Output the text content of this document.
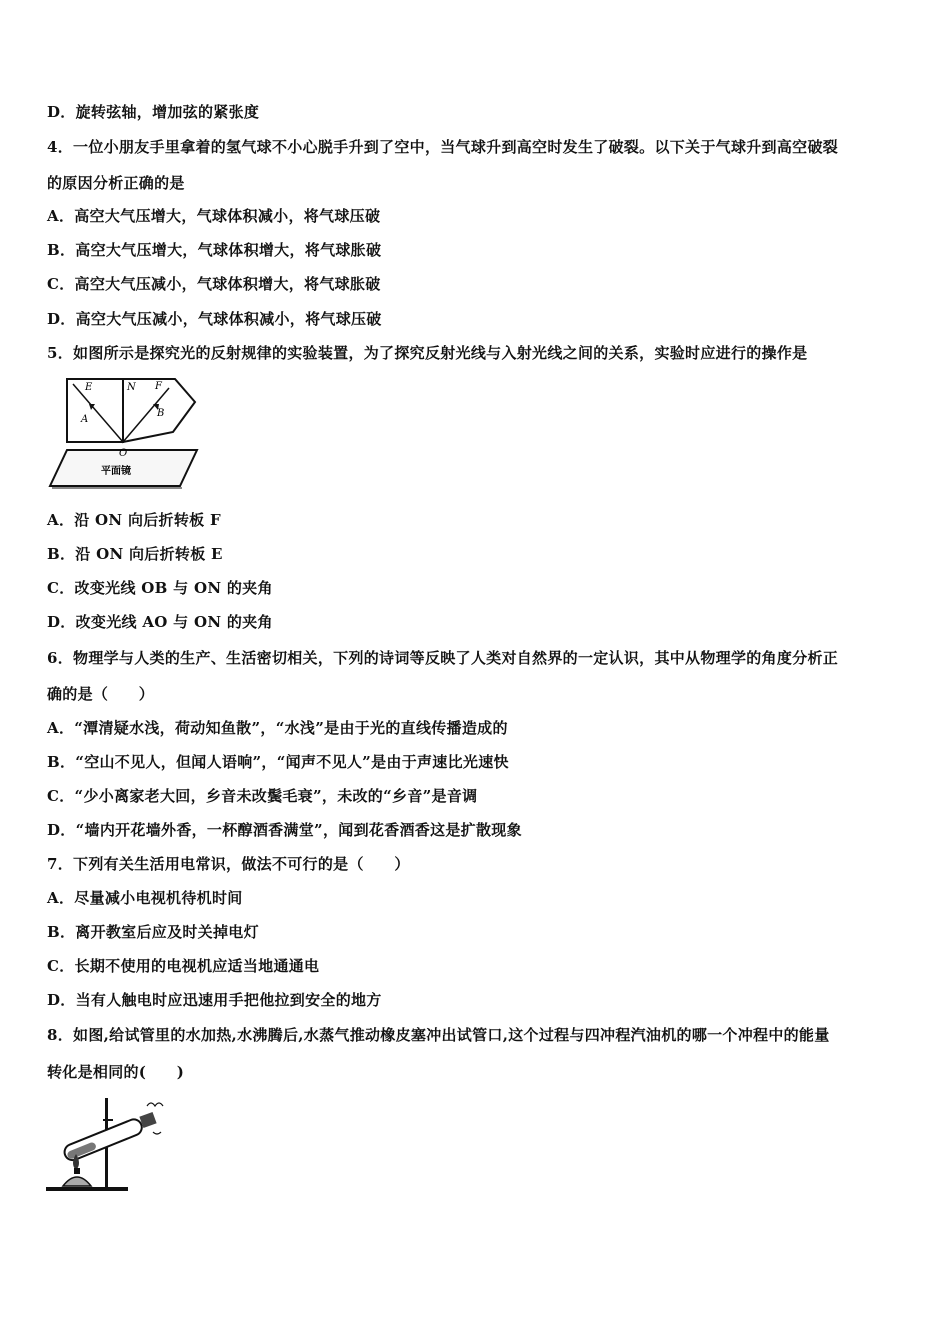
D．旋转弦轴，增加弦的紧张度
4．一位小朋友手里拿着的氢气球不小心脱手升到了空中，当气球升到高空时发生了破裂。以下关于气球升到高空破裂
的原因分析正确的是
A．高空大气压增大，气球体积减小，将气球压破
B．高空大气压增大，气球体积增大，将气球胀破
C．高空大气压减小，气球体积增大，将气球胀破
D．高空大气压减小，气球体积减小，将气球压破
5．如图所示是探究光的反射规律的实验装置，为了探究反射光线与入射光线之间的关系，实验时应进行的操作是
E	N F
A
B
O
平面镜
A．沿 ON 向后折转板 F
B．沿 ON 向后折转板 E
C．改变光线 OB 与 ON 的夹角
D．改变光线 AO 与 ON 的夹角
6．物理学与人类的生产、生活密切相关，下列的诗词等反映了人类对自然界的一定认识，其中从物理学的角度分析正
确的是（　　）
A．“潭清疑水浅，荷动知鱼散”，“水浅”是由于光的直线传播造成的
B．“空山不见人，但闻人语响”，“闻声不见人”是由于声速比光速快
C．“少小离家老大回，乡音未改鬓毛衰”，未改的“乡音”是音调
D．“墙内开花墙外香，一杯醇酒香满堂”，闻到花香酒香这是扩散现象
7．下列有关生活用电常识，做法不可行的是（　　）
A．尽量减小电视机待机时间
B．离开教室后应及时关掉电灯
C．长期不使用的电视机应适当地通通电
D．当有人触电时应迅速用手把他拉到安全的地方
8．如图,给试管里的水加热,水沸腾后,水蒸气推动橡皮塞冲出试管口,这个过程与四冲程汽油机的哪一个冲程中的能量
转化是相同的(　　)
